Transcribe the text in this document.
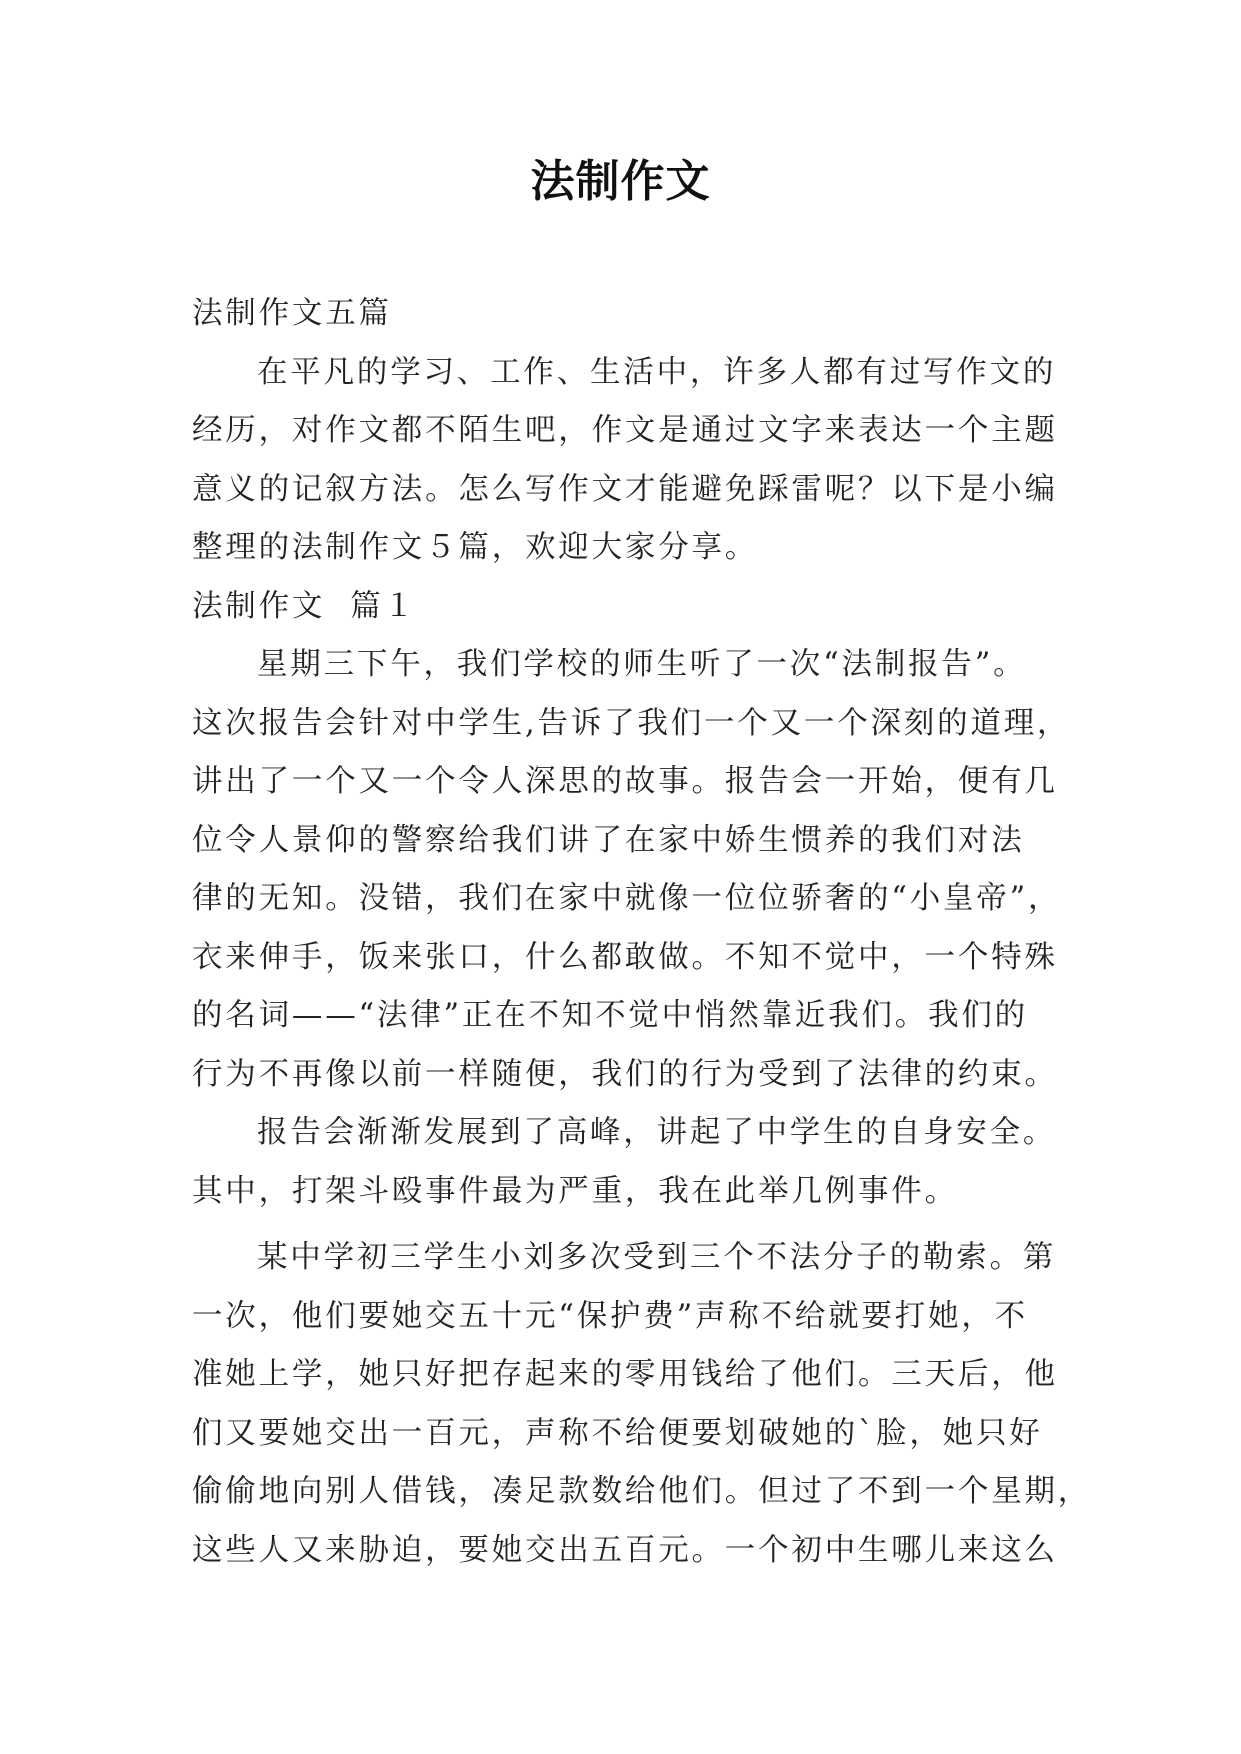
法制作文
法制作文五篇
在平凡的学习、工作、生活中，许多人都有过写作文的
经历，对作文都不陌生吧，作文是通过文字来表达一个主题
意义的记叙方法。怎么写作文才能避免踩雷呢？以下是小编
整理的法制作文５篇，欢迎大家分享。
法制作文  篇１
星期三下午，我们学校的师生听了一次“法制报告”。
这次报告会针对中学生,告诉了我们一个又一个深刻的道理，
讲出了一个又一个令人深思的故事。报告会一开始，便有几
位令人景仰的警察给我们讲了在家中娇生惯养的我们对法
律的无知。没错，我们在家中就像一位位骄奢的“小皇帝”，
衣来伸手，饭来张口，什么都敢做。不知不觉中，一个特殊
的名词——“法律”正在不知不觉中悄然靠近我们。我们的
行为不再像以前一样随便，我们的行为受到了法律的约束。
报告会渐渐发展到了高峰，讲起了中学生的自身安全。
其中，打架斗殴事件最为严重，我在此举几例事件。
某中学初三学生小刘多次受到三个不法分子的勒索。第
一次，他们要她交五十元“保护费”声称不给就要打她，不
准她上学，她只好把存起来的零用钱给了他们。三天后，他
们又要她交出一百元，声称不给便要划破她的`脸，她只好
偷偷地向别人借钱，凑足款数给他们。但过了不到一个星期，
这些人又来胁迫，要她交出五百元。一个初中生哪儿来这么
